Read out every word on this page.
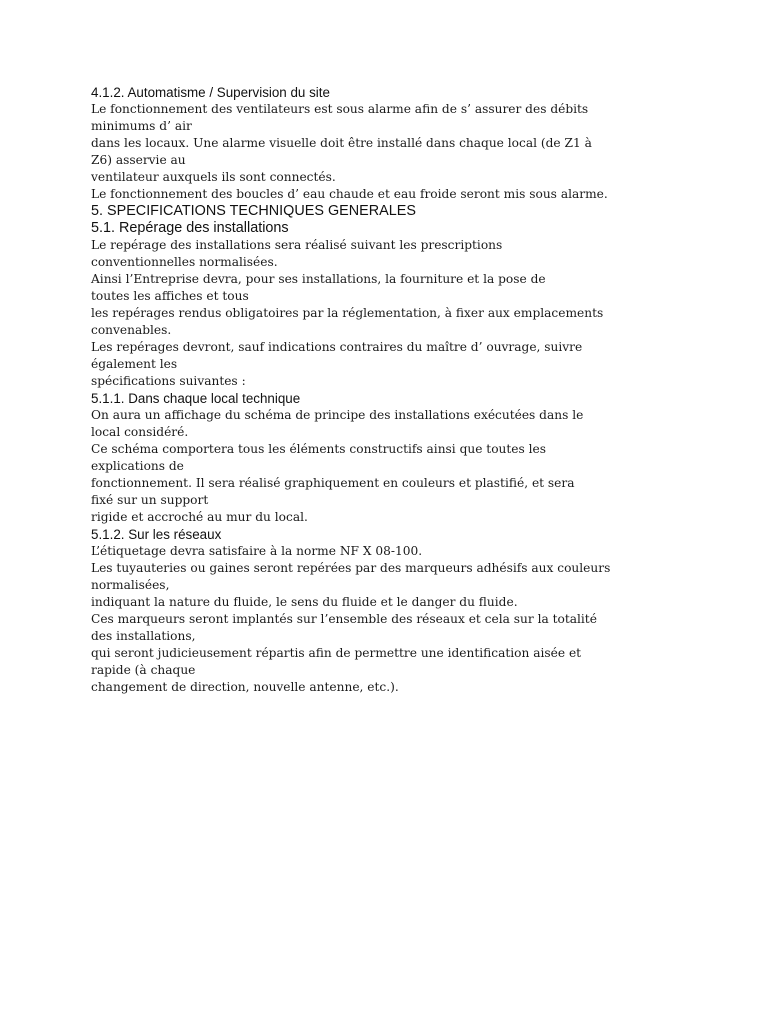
4.1.2. Automatisme / Supervision du site
Le fonctionnement des ventilateurs est sous alarme afin de s’ assurer des débits
minimums d’ air
dans les locaux. Une alarme visuelle doit être installé dans chaque local (de Z1 à
Z6) asservie au
ventilateur auxquels ils sont connectés.
Le fonctionnement des boucles d’ eau chaude et eau froide seront mis sous alarme.
5. SPECIFICATIONS TECHNIQUES GENERALES
5.1. Repérage des installations
Le repérage des installations sera réalisé suivant les prescriptions
conventionnelles normalisées.
Ainsi l’Entreprise devra, pour ses installations, la fourniture et la pose de
toutes les affiches et tous
les repérages rendus obligatoires par la réglementation, à fixer aux emplacements
convenables.
Les repérages devront, sauf indications contraires du maître d’ ouvrage, suivre
également les
spécifications suivantes :
5.1.1. Dans chaque local technique
On aura un affichage du schéma de principe des installations exécutées dans le
local considéré.
Ce schéma comportera tous les éléments constructifs ainsi que toutes les
explications de
fonctionnement. Il sera réalisé graphiquement en couleurs et plastifié, et sera
fixé sur un support
rigide et accroché au mur du local.
5.1.2. Sur les réseaux
L’étiquetage devra satisfaire à la norme NF X 08-100.
Les tuyauteries ou gaines seront repérées par des marqueurs adhésifs aux couleurs
normalisées,
indiquant la nature du fluide, le sens du fluide et le danger du fluide.
Ces marqueurs seront implantés sur l’ensemble des réseaux et cela sur la totalité
des installations,
qui seront judicieusement répartis afin de permettre une identification aisée et
rapide (à chaque
changement de direction, nouvelle antenne, etc.).
